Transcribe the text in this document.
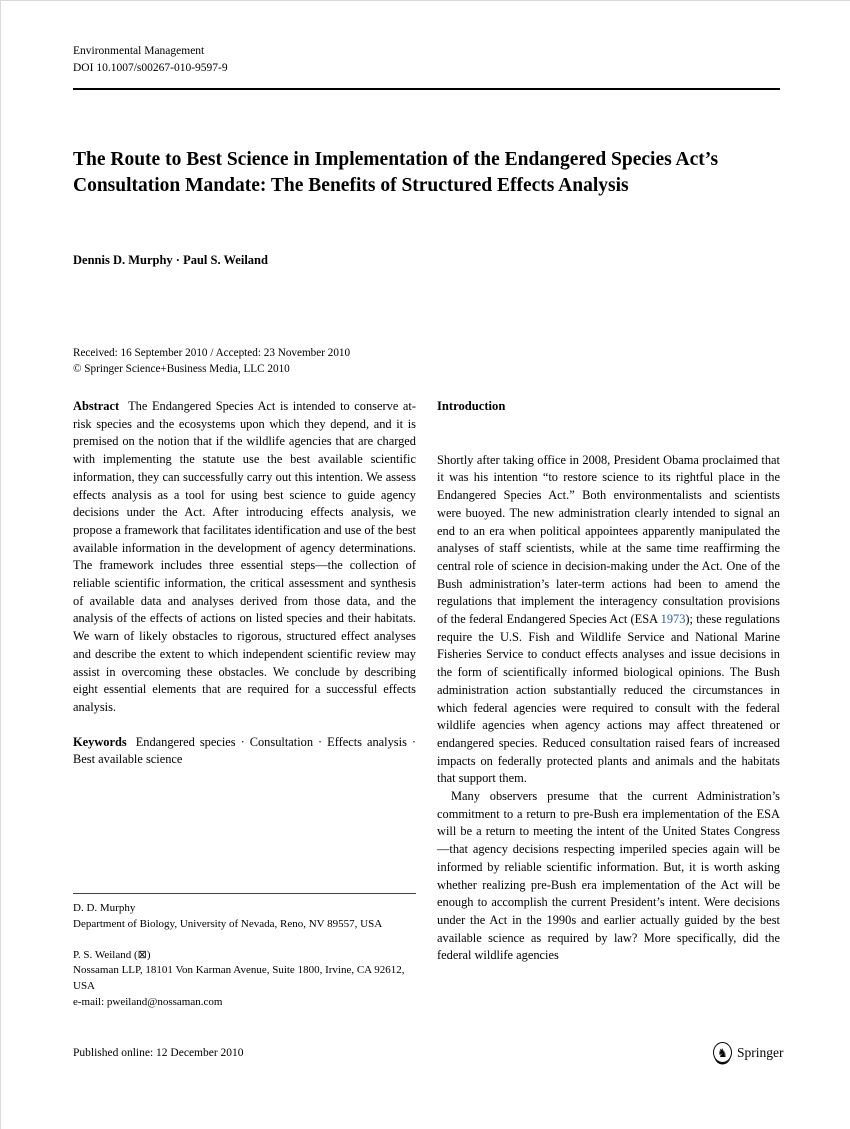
Environmental Management
DOI 10.1007/s00267-010-9597-9
The Route to Best Science in Implementation of the Endangered Species Act’s Consultation Mandate: The Benefits of Structured Effects Analysis
Dennis D. Murphy · Paul S. Weiland
Received: 16 September 2010 / Accepted: 23 November 2010
© Springer Science+Business Media, LLC 2010

Abstract The Endangered Species Act is intended to conserve at-risk species and the ecosystems upon which they depend, and it is premised on the notion that if the wildlife agencies that are charged with implementing the statute use the best available scientific information, they can successfully carry out this intention. We assess effects analysis as a tool for using best science to guide agency decisions under the Act. After introducing effects analysis, we propose a framework that facilitates identification and use of the best available information in the development of agency determinations. The framework includes three essential steps—the collection of reliable scientific information, the critical assessment and synthesis of available data and analyses derived from those data, and the analysis of the effects of actions on listed species and their habitats. We warn of likely obstacles to rigorous, structured effect analyses and describe the extent to which independent scientific review may assist in overcoming these obstacles. We conclude by describing eight essential elements that are required for a successful effects analysis.

Keywords Endangered species · Consultation · Effects analysis · Best available science

Introduction

Shortly after taking office in 2008, President Obama proclaimed that it was his intention “to restore science to its rightful place in the Endangered Species Act.” Both environmentalists and scientists were buoyed. The new administration clearly intended to signal an end to an era when political appointees apparently manipulated the analyses of staff scientists, while at the same time reaffirming the central role of science in decision-making under the Act. One of the Bush administration’s later-term actions had been to amend the regulations that implement the interagency consultation provisions of the federal Endangered Species Act (ESA 1973); these regulations require the U.S. Fish and Wildlife Service and National Marine Fisheries Service to conduct effects analyses and issue decisions in the form of scientifically informed biological opinions. The Bush administration action substantially reduced the circumstances in which federal agencies were required to consult with the federal wildlife agencies when agency actions may affect threatened or endangered species. Reduced consultation raised fears of increased impacts on federally protected plants and animals and the habitats that support them.

Many observers presume that the current Administration’s commitment to a return to pre-Bush era implementation of the ESA will be a return to meeting the intent of the United States Congress—that agency decisions respecting imperiled species again will be informed by reliable scientific information. But, it is worth asking whether realizing pre-Bush era implementation of the Act will be enough to accomplish the current President’s intent. Were decisions under the Act in the 1990s and earlier actually guided by the best available science as required by law? More specifically, did the federal wildlife agencies

D. D. Murphy
Department of Biology, University of Nevada, Reno, NV 89557, USA
P. S. Weiland (⊠)
Nossaman LLP, 18101 Von Karman Avenue, Suite 1800, Irvine, CA 92612, USA
e-mail: pweiland@nossaman.com
Published online: 12 December 2010	♞ Springer
